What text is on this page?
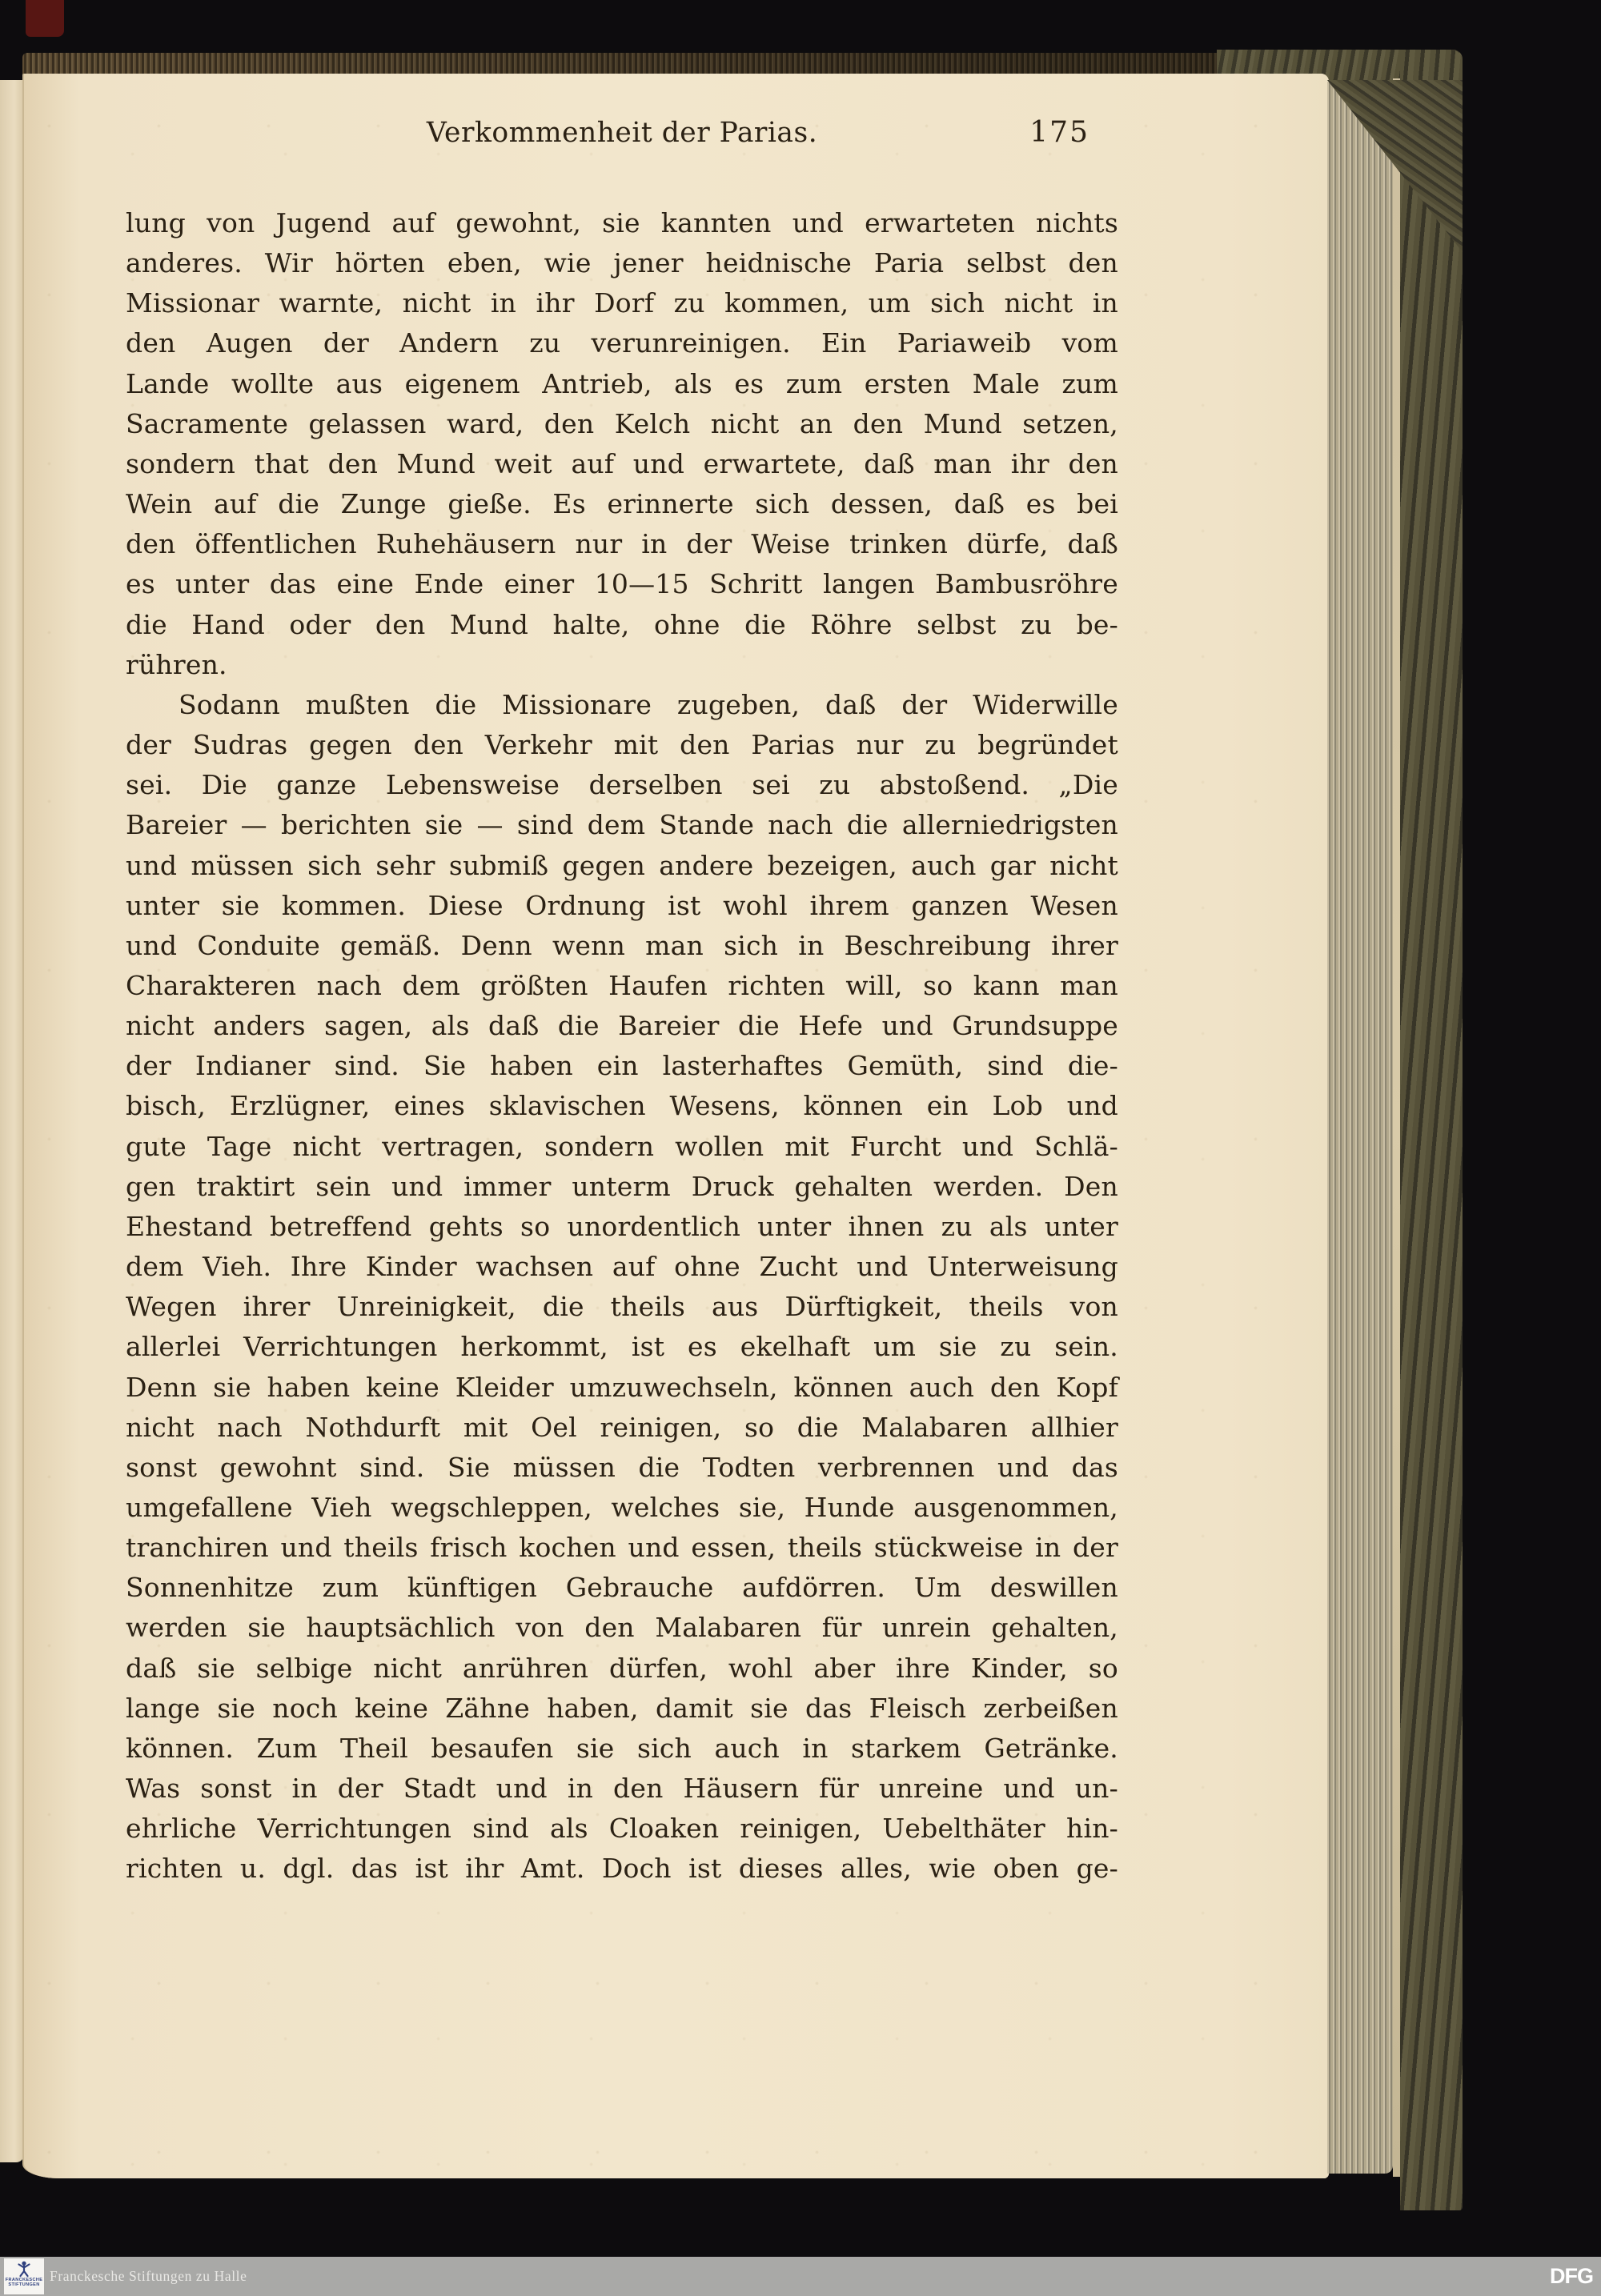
Verkommenheit der Parias.	175
lung von Jugend auf gewohnt, sie kannten und erwarteten nichts
anderes. Wir hörten eben, wie jener heidnische Paria selbst den
Missionar warnte, nicht in ihr Dorf zu kommen, um sich nicht in
den Augen der Andern zu verunreinigen. Ein Pariaweib vom
Lande wollte aus eigenem Antrieb, als es zum ersten Male zum
Sacramente gelassen ward, den Kelch nicht an den Mund setzen,
sondern that den Mund weit auf und erwartete, daß man ihr den
Wein auf die Zunge gieße. Es erinnerte sich dessen, daß es bei
den öffentlichen Ruhehäusern nur in der Weise trinken dürfe, daß
es unter das eine Ende einer 10—15 Schritt langen Bambusröhre
die Hand oder den Mund halte, ohne die Röhre selbst zu be-
rühren.
Sodann mußten die Missionare zugeben, daß der Widerwille
der Sudras gegen den Verkehr mit den Parias nur zu begründet
sei. Die ganze Lebensweise derselben sei zu abstoßend. „Die
Bareier — berichten sie — sind dem Stande nach die allerniedrigsten
und müssen sich sehr submiß gegen andere bezeigen, auch gar nicht
unter sie kommen. Diese Ordnung ist wohl ihrem ganzen Wesen
und Conduite gemäß. Denn wenn man sich in Beschreibung ihrer
Charakteren nach dem größten Haufen richten will, so kann man
nicht anders sagen, als daß die Bareier die Hefe und Grundsuppe
der Indianer sind. Sie haben ein lasterhaftes Gemüth, sind die-
bisch, Erzlügner, eines sklavischen Wesens, können ein Lob und
gute Tage nicht vertragen, sondern wollen mit Furcht und Schlä-
gen traktirt sein und immer unterm Druck gehalten werden. Den
Ehestand betreffend gehts so unordentlich unter ihnen zu als unter
dem Vieh. Ihre Kinder wachsen auf ohne Zucht und Unterweisung
Wegen ihrer Unreinigkeit, die theils aus Dürftigkeit, theils von
allerlei Verrichtungen herkommt, ist es ekelhaft um sie zu sein.
Denn sie haben keine Kleider umzuwechseln, können auch den Kopf
nicht nach Nothdurft mit Oel reinigen, so die Malabaren allhier
sonst gewohnt sind. Sie müssen die Todten verbrennen und das
umgefallene Vieh wegschleppen, welches sie, Hunde ausgenommen,
tranchiren und theils frisch kochen und essen, theils stückweise in der
Sonnenhitze zum künftigen Gebrauche aufdörren. Um deswillen
werden sie hauptsächlich von den Malabaren für unrein gehalten,
daß sie selbige nicht anrühren dürfen, wohl aber ihre Kinder, so
lange sie noch keine Zähne haben, damit sie das Fleisch zerbeißen
können. Zum Theil besaufen sie sich auch in starkem Getränke.
Was sonst in der Stadt und in den Häusern für unreine und un-
ehrliche Verrichtungen sind als Cloaken reinigen, Uebelthäter hin-
richten u. dgl. das ist ihr Amt. Doch ist dieses alles, wie oben ge-
FRANCKESCHE
STIFTUNGEN
Franckesche Stiftungen zu Halle	DFG
